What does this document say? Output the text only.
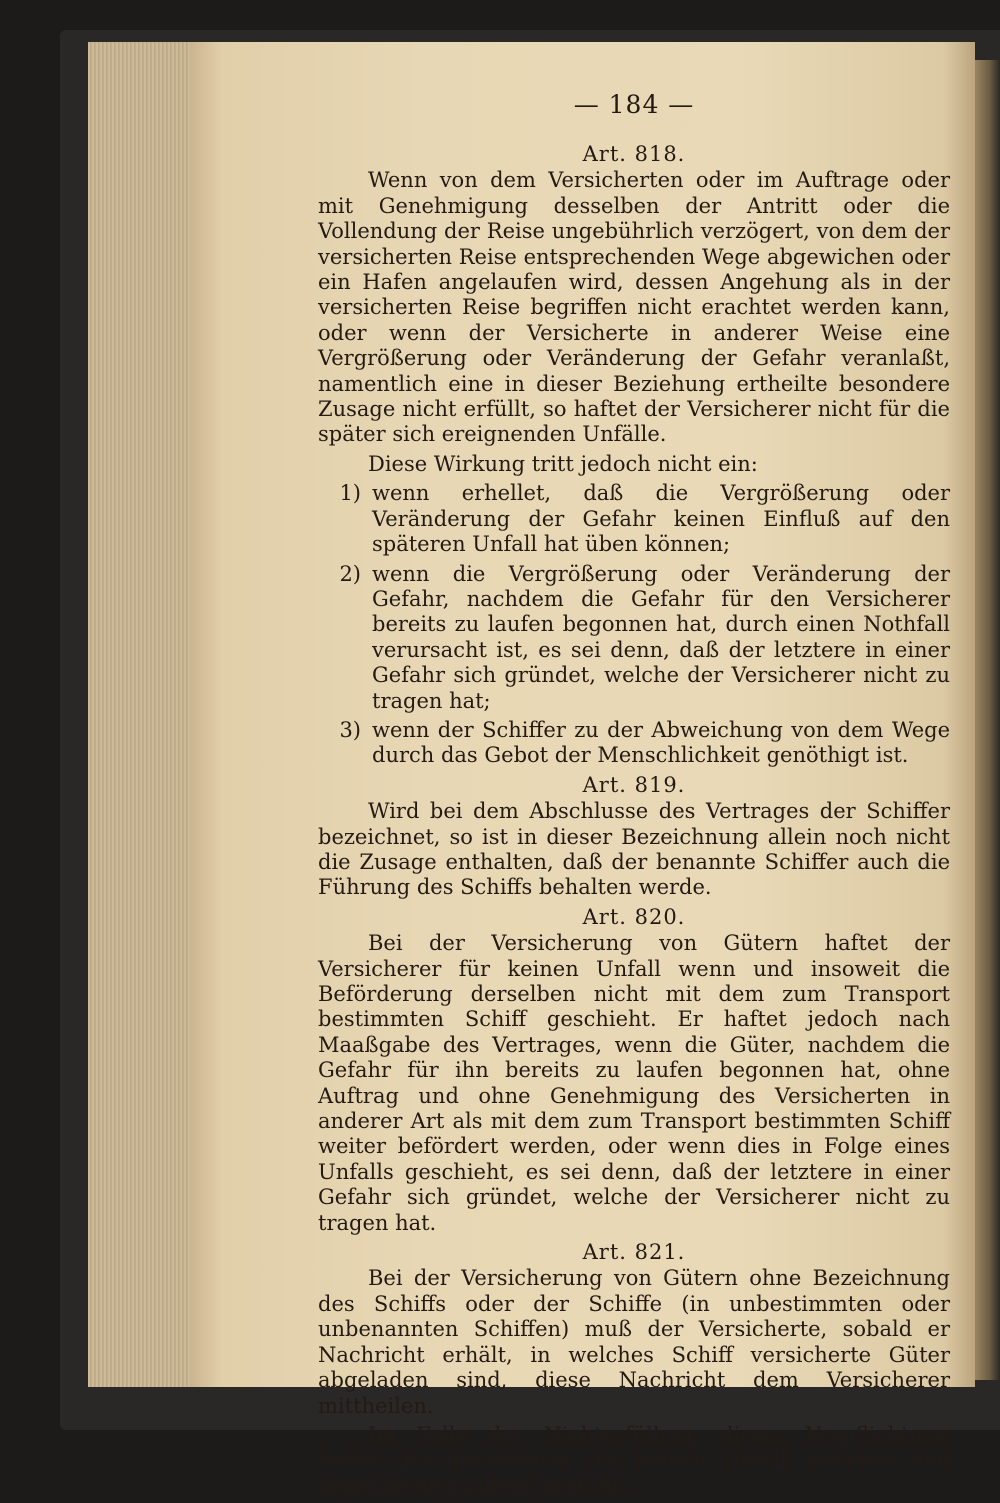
— 184 —
Art. 818.

Wenn von dem Versicherten oder im Auftrage oder mit Genehmigung desselben der Antritt oder die Vollendung der Reise ungebührlich verzögert, von dem der versicherten Reise entsprechenden Wege abgewichen oder ein Hafen angelaufen wird, dessen Angehung als in der versicherten Reise begriffen nicht erachtet werden kann, oder wenn der Versicherte in anderer Weise eine Vergrößerung oder Veränderung der Gefahr veranlaßt, namentlich eine in dieser Beziehung ertheilte besondere Zusage nicht erfüllt, so haftet der Versicherer nicht für die später sich ereignenden Unfälle.

Diese Wirkung tritt jedoch nicht ein:

1) wenn erhellet, daß die Vergrößerung oder Veränderung der Gefahr keinen Einfluß auf den späteren Unfall hat üben können;
2) wenn die Vergrößerung oder Veränderung der Gefahr, nachdem die Gefahr für den Versicherer bereits zu laufen begonnen hat, durch einen Nothfall verursacht ist, es sei denn, daß der letztere in einer Gefahr sich gründet, welche der Versicherer nicht zu tragen hat;
3) wenn der Schiffer zu der Abweichung von dem Wege durch das Gebot der Menschlichkeit genöthigt ist.
Art. 819.

Wird bei dem Abschlusse des Vertrages der Schiffer bezeichnet, so ist in dieser Bezeichnung allein noch nicht die Zusage enthalten, daß der benannte Schiffer auch die Führung des Schiffs behalten werde.

Art. 820.

Bei der Versicherung von Gütern haftet der Versicherer für keinen Unfall wenn und insoweit die Beförderung derselben nicht mit dem zum Transport bestimmten Schiff geschieht. Er haftet jedoch nach Maaßgabe des Vertrages, wenn die Güter, nachdem die Gefahr für ihn bereits zu laufen begonnen hat, ohne Auftrag und ohne Genehmigung des Versicherten in anderer Art als mit dem zum Transport bestimmten Schiff weiter befördert werden, oder wenn dies in Folge eines Unfalls geschieht, es sei denn, daß der letztere in einer Gefahr sich gründet, welche der Versicherer nicht zu tragen hat.

Art. 821.

Bei der Versicherung von Gütern ohne Bezeichnung des Schiffs oder der Schiffe (in unbestimmten oder unbenannten Schiffen) muß der Versicherte, sobald er Nachricht erhält, in welches Schiff versicherte Güter abgeladen sind, diese Nachricht dem Versicherer mittheilen.

Im Falle der Nichterfüllung dieser Verpflichtung haftet der Versicherer für keinen Unfall, welcher den abgeladenen Gütern zustößt.
